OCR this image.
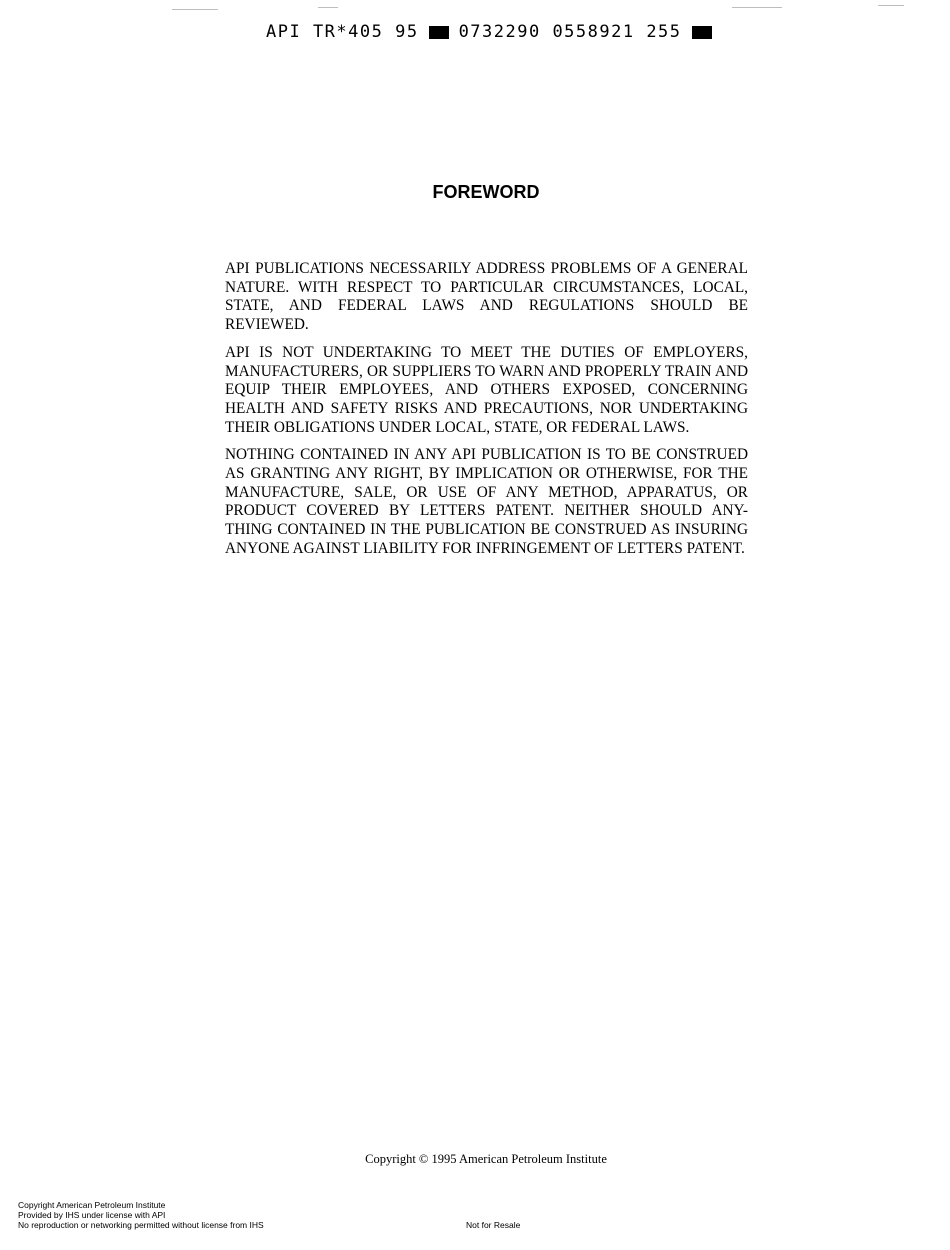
API TR*405 95 0732290 0558921 255
FOREWORD

API PUBLICATIONS NECESSARILY ADDRESS PROBLEMS OF A GENERAL NATURE. WITH RESPECT TO PARTICULAR CIRCUMSTANCES, LOCAL, STATE, AND FEDERAL LAWS AND REGULATIONS SHOULD BE REVIEWED.

API IS NOT UNDERTAKING TO MEET THE DUTIES OF EMPLOYERS, MANUFACTURERS, OR SUPPLIERS TO WARN AND PROPERLY TRAIN AND EQUIP THEIR EMPLOYEES, AND OTHERS EXPOSED, CONCERNING HEALTH AND SAFETY RISKS AND PRECAUTIONS, NOR UNDERTAKING THEIR OBLIGATIONS UNDER LOCAL, STATE, OR FEDERAL LAWS.

NOTHING CONTAINED IN ANY API PUBLICATION IS TO BE CONSTRUED AS GRANTING ANY RIGHT, BY IMPLICATION OR OTHERWISE, FOR THE MANUFACTURE, SALE, OR USE OF ANY METHOD, APPARATUS, OR PRODUCT COVERED BY LETTERS PATENT. NEITHER SHOULD ANY-THING CONTAINED IN THE PUBLICATION BE CONSTRUED AS INSURING ANYONE AGAINST LIABILITY FOR INFRINGEMENT OF LETTERS PATENT.

Copyright © 1995 American Petroleum Institute
Copyright American Petroleum Institute
Provided by IHS under license with API
No reproduction or networking permitted without license from IHS	Not for Resale
